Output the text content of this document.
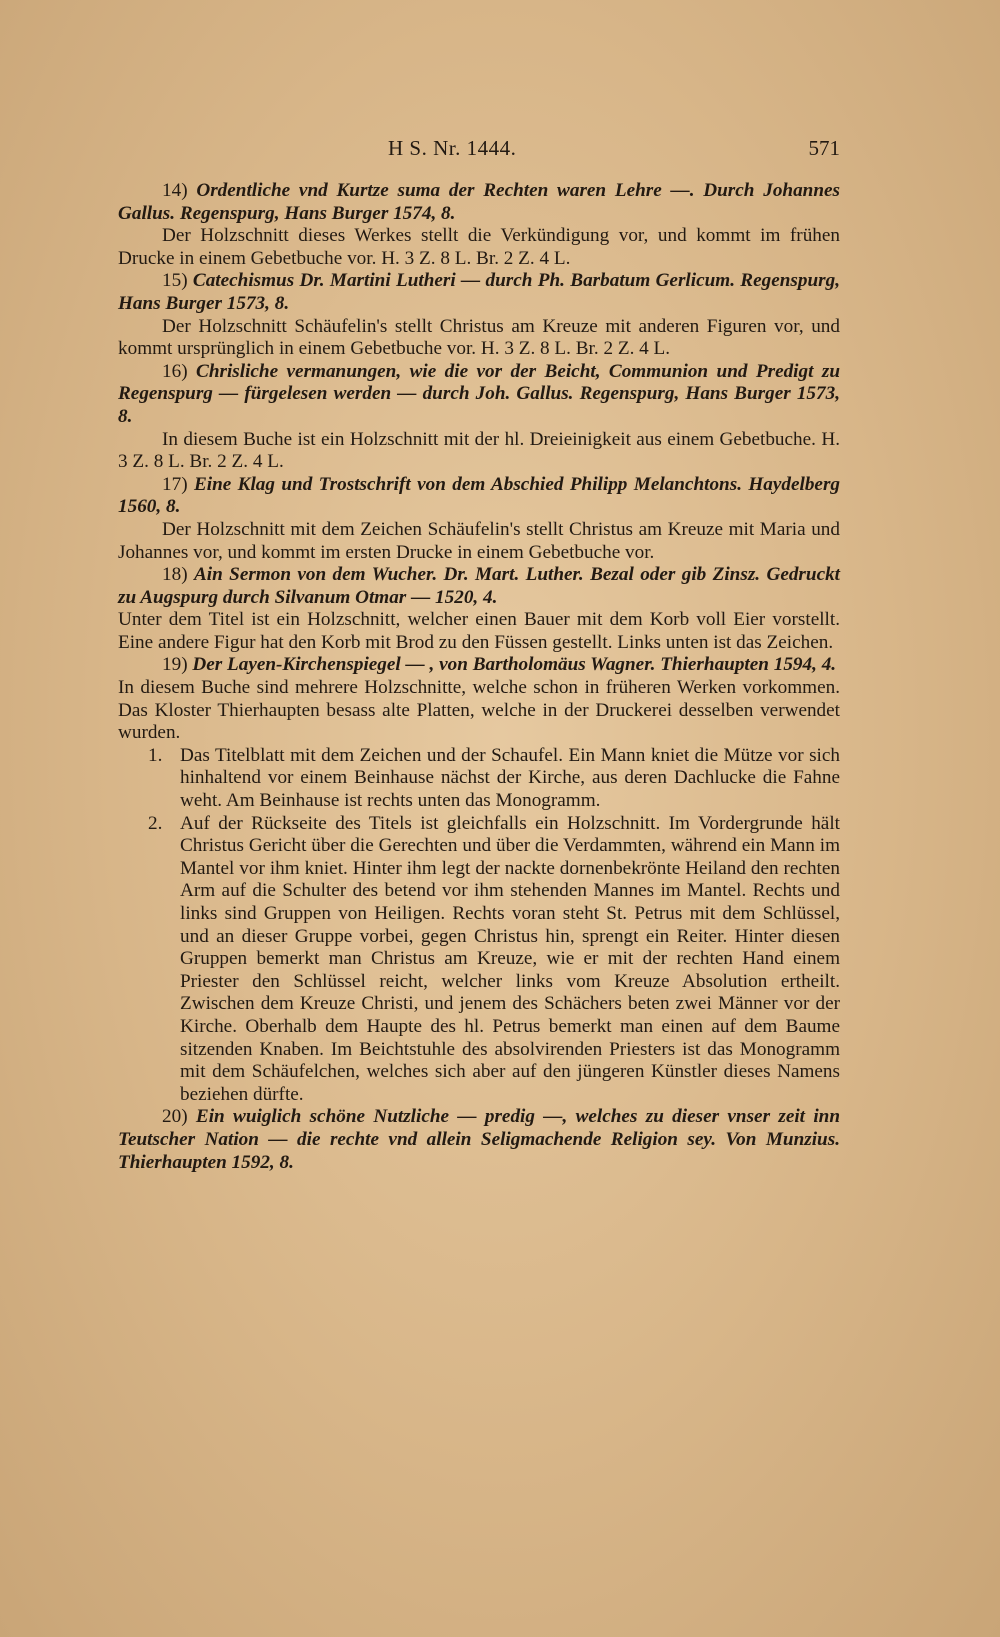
H S. Nr. 1444.	571
14) Ordentliche vnd Kurtze suma der Rechten waren Lehre —. Durch Johannes Gallus. Regenspurg, Hans Burger 1574, 8.
Der Holzschnitt dieses Werkes stellt die Verkündigung vor, und kommt im frühen Drucke in einem Gebetbuche vor. H. 3 Z. 8 L. Br. 2 Z. 4 L.
15) Catechismus Dr. Martini Lutheri — durch Ph. Barbatum Gerlicum. Regenspurg, Hans Burger 1573, 8.
Der Holzschnitt Schäufelin's stellt Christus am Kreuze mit anderen Figuren vor, und kommt ursprünglich in einem Gebetbuche vor. H. 3 Z. 8 L. Br. 2 Z. 4 L.
16) Chrisliche vermanungen, wie die vor der Beicht, Communion und Predigt zu Regenspurg — fürgelesen werden — durch Joh. Gallus. Regenspurg, Hans Burger 1573, 8.
In diesem Buche ist ein Holzschnitt mit der hl. Dreieinigkeit aus einem Gebetbuche. H. 3 Z. 8 L. Br. 2 Z. 4 L.
17) Eine Klag und Trostschrift von dem Abschied Philipp Melanchtons. Haydelberg 1560, 8.
Der Holzschnitt mit dem Zeichen Schäufelin's stellt Christus am Kreuze mit Maria und Johannes vor, und kommt im ersten Drucke in einem Gebetbuche vor.
18) Ain Sermon von dem Wucher. Dr. Mart. Luther. Bezal oder gib Zinsz. Gedruckt zu Augspurg durch Silvanum Otmar — 1520, 4.
Unter dem Titel ist ein Holzschnitt, welcher einen Bauer mit dem Korb voll Eier vorstellt. Eine andere Figur hat den Korb mit Brod zu den Füssen gestellt. Links unten ist das Zeichen.
19) Der Layen-Kirchenspiegel — , von Bartholomäus Wagner. Thierhaupten 1594, 4.
In diesem Buche sind mehrere Holzschnitte, welche schon in früheren Werken vorkommen. Das Kloster Thierhaupten besass alte Platten, welche in der Druckerei desselben verwendet wurden.
1. Das Titelblatt mit dem Zeichen und der Schaufel. Ein Mann kniet die Mütze vor sich hinhaltend vor einem Beinhause nächst der Kirche, aus deren Dachlucke die Fahne weht. Am Beinhause ist rechts unten das Monogramm.
2. Auf der Rückseite des Titels ist gleichfalls ein Holzschnitt. Im Vordergrunde hält Christus Gericht über die Gerechten und über die Verdammten, während ein Mann im Mantel vor ihm kniet. Hinter ihm legt der nackte dornenbekrönte Heiland den rechten Arm auf die Schulter des betend vor ihm stehenden Mannes im Mantel. Rechts und links sind Gruppen von Heiligen. Rechts voran steht St. Petrus mit dem Schlüssel, und an dieser Gruppe vorbei, gegen Christus hin, sprengt ein Reiter. Hinter diesen Gruppen bemerkt man Christus am Kreuze, wie er mit der rechten Hand einem Priester den Schlüssel reicht, welcher links vom Kreuze Absolution ertheilt. Zwischen dem Kreuze Christi, und jenem des Schächers beten zwei Männer vor der Kirche. Oberhalb dem Haupte des hl. Petrus bemerkt man einen auf dem Baume sitzenden Knaben. Im Beichtstuhle des absolvirenden Priesters ist das Monogramm mit dem Schäufelchen, welches sich aber auf den jüngeren Künstler dieses Namens beziehen dürfte.
20) Ein wuiglich schöne Nutzliche — predig —, welches zu dieser vnser zeit inn Teutscher Nation — die rechte vnd allein Seligmachende Religion sey. Von Munzius. Thierhaupten 1592, 8.
